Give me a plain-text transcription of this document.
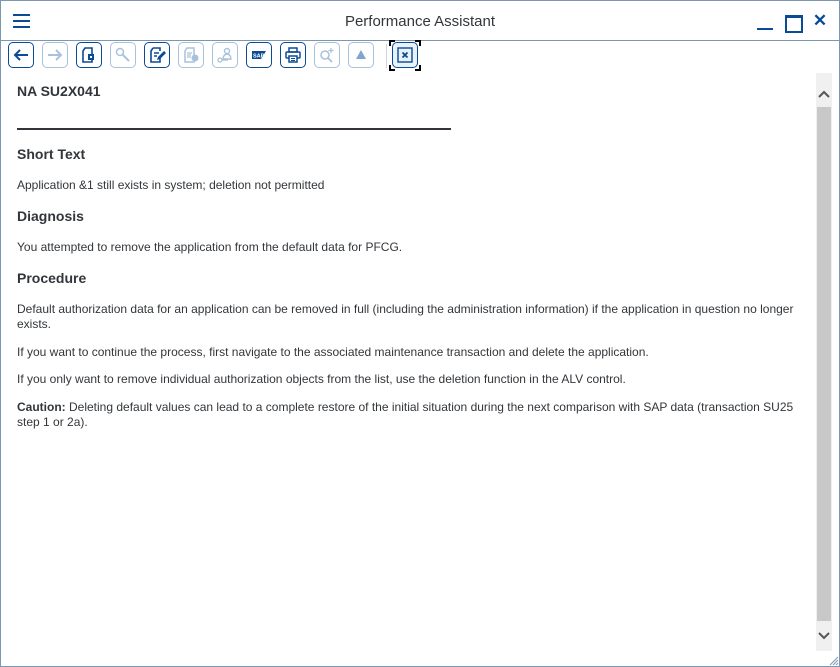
Performance Assistant	✕
SAP
NA SU2X041
Short Text
Application &1 still exists in system; deletion not permitted
Diagnosis
You attempted to remove the application from the default data for PFCG.
Procedure
Default authorization data for an application can be removed in full (including the administration information) if the application in question no longer exists.
If you want to continue the process, first navigate to the associated maintenance transaction and delete the application.
If you only want to remove individual authorization objects from the list, use the deletion function in the ALV control.
Caution: Deleting default values can lead to a complete restore of the initial situation during the next comparison with SAP data (transaction SU25 step 1 or 2a).
